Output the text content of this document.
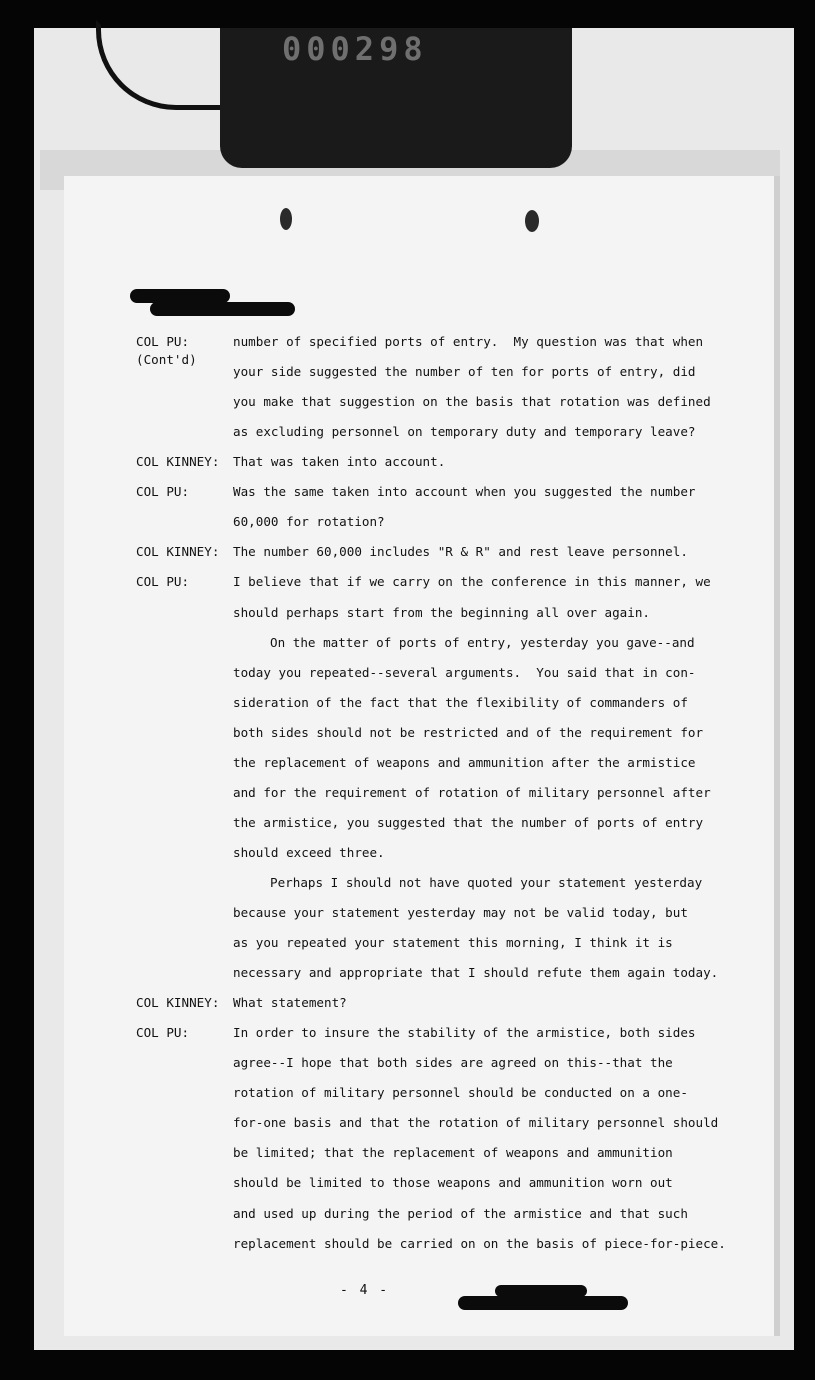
000298
(Cont'd)
COL PU:	number of specified ports of entry.  My question was that when
your side suggested the number of ten for ports of entry, did
you make that suggestion on the basis that rotation was defined
as excluding personnel on temporary duty and temporary leave?
COL KINNEY: That was taken into account.
COL PU:	Was the same taken into account when you suggested the number
60,000 for rotation?
COL KINNEY: The number 60,000 includes "R & R" and rest leave personnel.
COL PU:	I believe that if we carry on the conference in this manner, we
should perhaps start from the beginning all over again.
On the matter of ports of entry, yesterday you gave--and
today you repeated--several arguments.  You said that in con-
sideration of the fact that the flexibility of commanders of
both sides should not be restricted and of the requirement for
the replacement of weapons and ammunition after the armistice
and for the requirement of rotation of military personnel after
the armistice, you suggested that the number of ports of entry
should exceed three.
Perhaps I should not have quoted your statement yesterday
because your statement yesterday may not be valid today, but
as you repeated your statement this morning, I think it is
necessary and appropriate that I should refute them again today.
COL KINNEY: What statement?
COL PU:	In order to insure the stability of the armistice, both sides
agree--I hope that both sides are agreed on this--that the
rotation of military personnel should be conducted on a one-
for-one basis and that the rotation of military personnel should
be limited; that the replacement of weapons and ammunition
should be limited to those weapons and ammunition worn out
and used up during the period of the armistice and that such
replacement should be carried on on the basis of piece-for-piece.
- 4 -
